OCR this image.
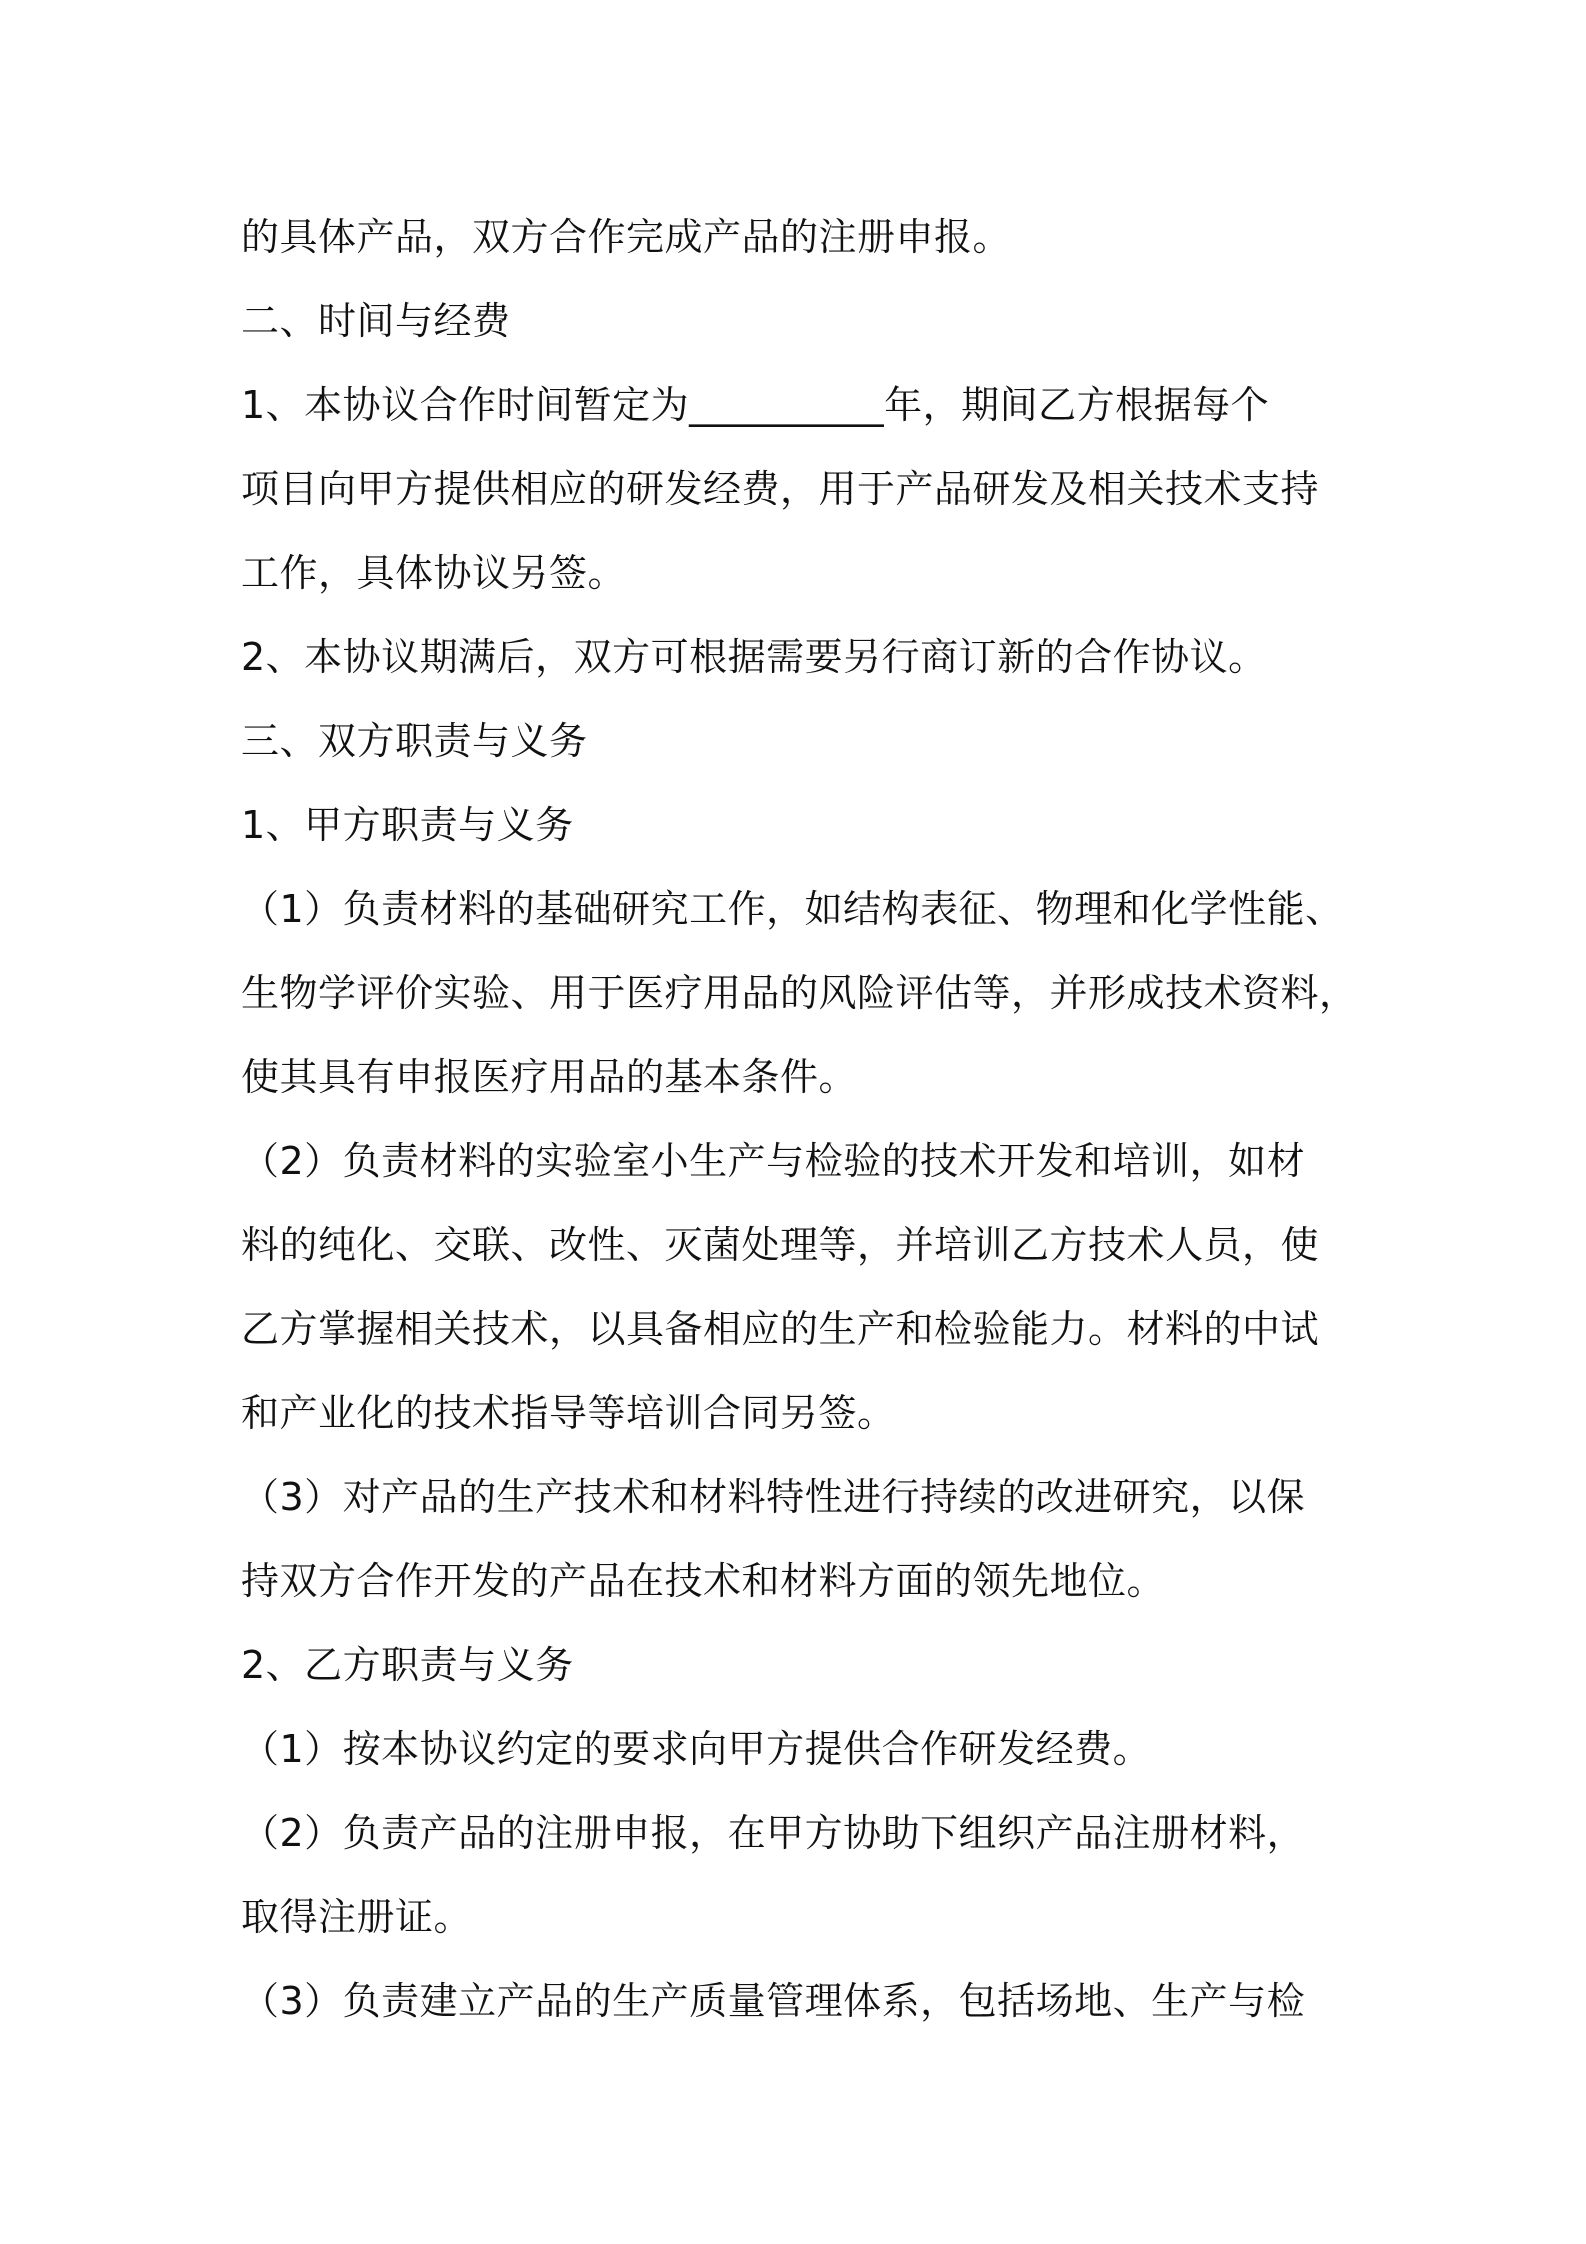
的具体产品，双方合作完成产品的注册申报。
二、时间与经费
1、本协议合作时间暂定为__________年，期间乙方根据每个
项目向甲方提供相应的研发经费，用于产品研发及相关技术支持
工作，具体协议另签。
2、本协议期满后，双方可根据需要另行商订新的合作协议。
三、双方职责与义务
1、甲方职责与义务
（1）负责材料的基础研究工作，如结构表征、物理和化学性能、
生物学评价实验、用于医疗用品的风险评估等，并形成技术资料，
使其具有申报医疗用品的基本条件。
（2）负责材料的实验室小生产与检验的技术开发和培训，如材
料的纯化、交联、改性、灭菌处理等，并培训乙方技术人员，使
乙方掌握相关技术，以具备相应的生产和检验能力。材料的中试
和产业化的技术指导等培训合同另签。
（3）对产品的生产技术和材料特性进行持续的改进研究，以保
持双方合作开发的产品在技术和材料方面的领先地位。
2、乙方职责与义务
（1）按本协议约定的要求向甲方提供合作研发经费。
（2）负责产品的注册申报，在甲方协助下组织产品注册材料，
取得注册证。
（3）负责建立产品的生产质量管理体系，包括场地、生产与检
